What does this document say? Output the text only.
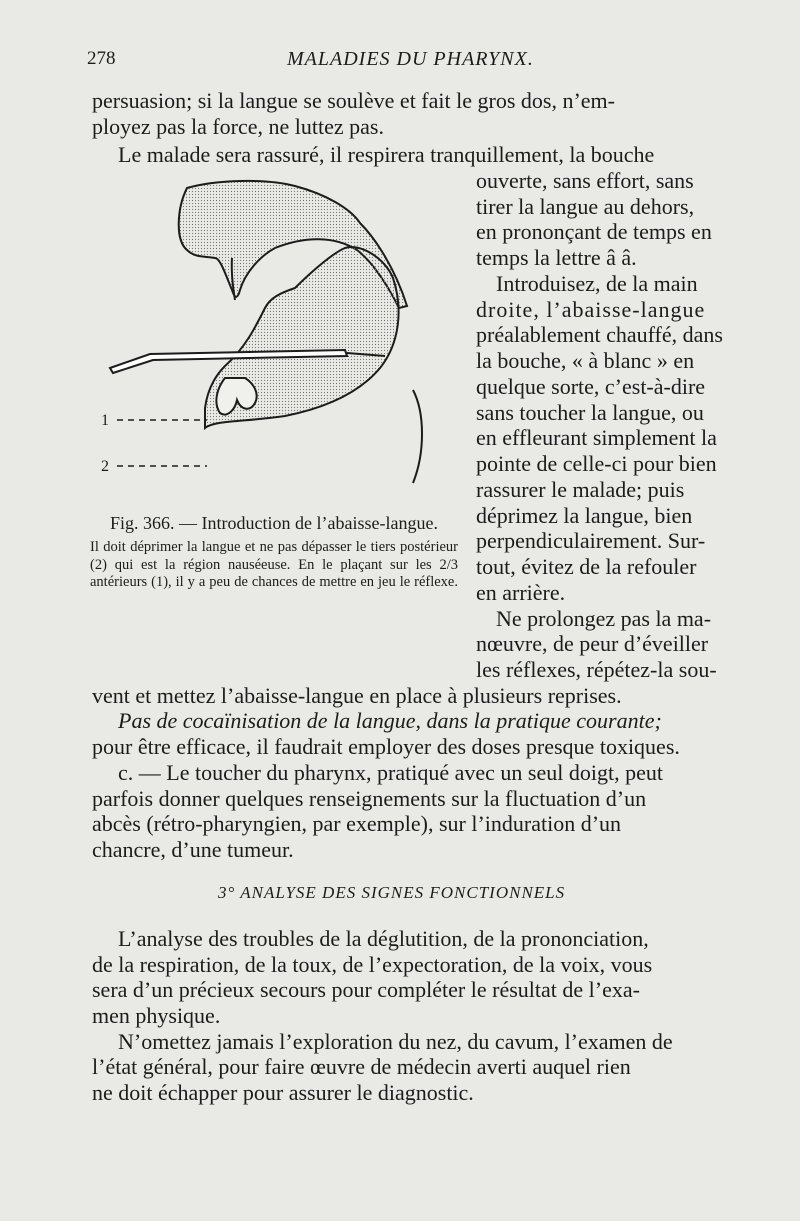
278	MALADIES DU PHARYNX.
persuasion; si la langue se soulève et fait le gros dos, n’em-
ployez pas la force, ne luttez pas.
Le malade sera rassuré, il respirera tranquillement, la bouche
ouverte, sans effort, sans
tirer la langue au dehors,
en prononçant de temps en
temps la lettre â â.
Introduisez, de la main
droite, l’abaisse-langue
préalablement chauffé, dans
la bouche, « à blanc » en
quelque sorte, c’est-à-dire
sans toucher la langue, ou
en effleurant simplement la
pointe de celle-ci pour bien
rassurer le malade; puis
déprimez la langue, bien
perpendiculairement. Sur-
tout, évitez de la refouler
en arrière.
Ne prolongez pas la ma-
nœuvre, de peur d’éveiller
les réflexes, répétez-la sou-
1
2
Fig. 366. — Introduction de l’abaisse-langue.
Il doit déprimer la langue et ne pas dépasser le tiers postérieur (2) qui est la région nauséeuse. En le plaçant sur les 2/3 antérieurs (1), il y a peu de chances de mettre en jeu le réflexe.
vent et mettez l’abaisse-langue en place à plusieurs reprises.
Pas de cocaïnisation de la langue, dans la pratique courante;
pour être efficace, il faudrait employer des doses presque toxiques.
c. — Le toucher du pharynx, pratiqué avec un seul doigt, peut
parfois donner quelques renseignements sur la fluctuation d’un
abcès (rétro-pharyngien, par exemple), sur l’induration d’un
chancre, d’une tumeur.
3° ANALYSE DES SIGNES FONCTIONNELS
L’analyse des troubles de la déglutition, de la prononciation,
de la respiration, de la toux, de l’expectoration, de la voix, vous
sera d’un précieux secours pour compléter le résultat de l’exa-
men physique.
N’omettez jamais l’exploration du nez, du cavum, l’examen de
l’état général, pour faire œuvre de médecin averti auquel rien
ne doit échapper pour assurer le diagnostic.
